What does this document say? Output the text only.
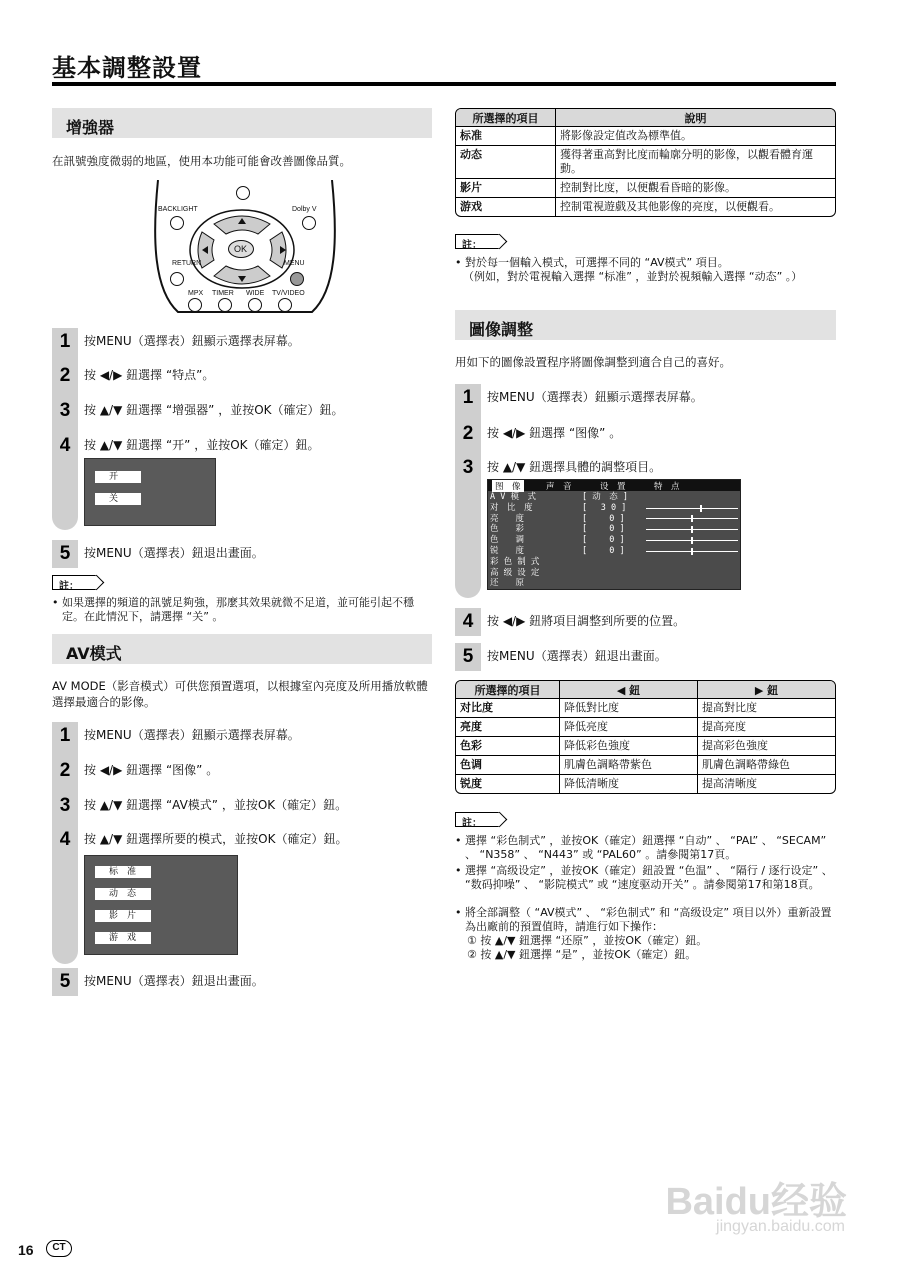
基本調整設置
增強器
在訊號強度微弱的地區，使用本功能可能會改善圖像品質。
OK
BACKLIGHT	Dolby V
RETURN	MENU
MPX TIMER WIDE TV/VIDEO
1	按MENU（選擇表）鈕顯示選擇表屏幕。
2	按 ◀/▶ 鈕選擇 “特点”。
3	按 ▲/▼ 鈕選擇 “增强器” ，並按OK（確定）鈕。
4	按 ▲/▼ 鈕選擇 “开” ，並按OK（確定）鈕。
开
关
5	按MENU（選擇表）鈕退出畫面。
註：
• 如果選擇的頻道的訊號足夠強，那麼其效果就微不足道，並可能引起不穩定。在此情況下，請選擇 “关” 。
AV模式
AV MODE（影音模式）可供您預置選項，以根據室內亮度及所用播放軟體選擇最適合的影像。
1	按MENU（選擇表）鈕顯示選擇表屏幕。
2	按 ◀/▶ 鈕選擇 “图像” 。
3	按 ▲/▼ 鈕選擇 “AV模式” ，並按OK（確定）鈕。
4	按 ▲/▼ 鈕選擇所要的模式，並按OK（確定）鈕。
标　准
动　态
影　片
游　戏
5	按MENU（選擇表）鈕退出畫面。
所選擇的項目	說明
标准	將影像設定值改為標準值。
动态	獲得著重高對比度而輪廓分明的影像，以觀看體育運動。
影片	控制對比度，以便觀看昏暗的影像。
游戏	控制電視遊戲及其他影像的亮度，以便觀看。
註：
• 對於每一個輸入模式，可選擇不同的 “AV模式” 項目。
（例如，對於電視輸入選擇 “标准” ，並對於視頻輸入選擇 “动态” 。）
圖像調整
用如下的圖像設置程序將圖像調整到適合自己的喜好。
1	按MENU（選擇表）鈕顯示選擇表屏幕。
2	按 ◀/▶ 鈕選擇 “图像” 。
3	按 ▲/▼ 鈕選擇具體的調整項目。
图　像	声　音	设　置	特　点
A V 模　式	[ 动　态 ]
对　比　度	[　 3 0 ]
亮　　度	[　　 0 ]
色　　彩	[　　 0 ]
色　　调	[　　 0 ]
锐　　度	[　　 0 ]
彩 色 制 式
高 级 设 定
还　　原
4	按 ◀/▶ 鈕將項目調整到所要的位置。
5	按MENU（選擇表）鈕退出畫面。
所選擇的項目	◀ 鈕	▶ 鈕
对比度	降低對比度	提高對比度
亮度	降低亮度	提高亮度
色彩	降低彩色強度	提高彩色強度
色调	肌膚色調略帶紫色	肌膚色調略帶綠色
锐度	降低清晰度	提高清晰度
註：
• 選擇 “彩色制式” ，並按OK（確定）鈕選擇 “自动” 、 “PAL” 、 “SECAM” 、 “N358” 、 “N443” 或 “PAL60” 。請參閱第17頁。
• 選擇 “高级设定” ，並按OK（確定）鈕設置 “色温” 、 “隔行 / 逐行设定” 、 “数码抑噪” 、 “影院模式” 或 “速度驱动开关” 。請參閱第17和第18頁。
• 將全部調整（ “AV模式” 、 “彩色制式” 和 “高级设定” 項目以外）重新設置為出廠前的預置值時，請進行如下操作：
① 按 ▲/▼ 鈕選擇 “还原” ，並按OK（確定）鈕。
② 按 ▲/▼ 鈕選擇 “是” ，並按OK（確定）鈕。
16	CT
Baidu经验
jingyan.baidu.com
